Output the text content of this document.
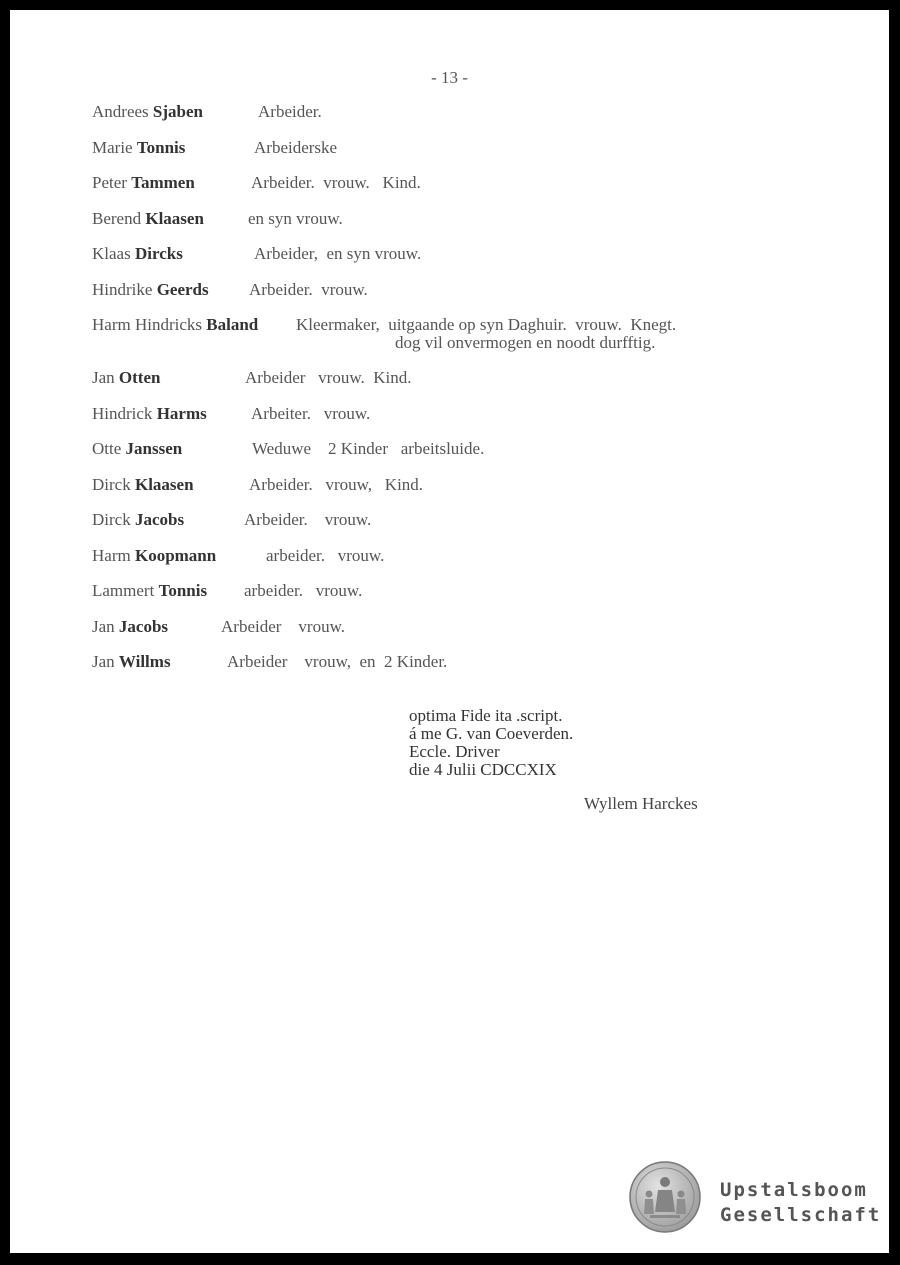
- 13 -
Andrees Sjaben	Arbeider.
Marie Tonnis	Arbeiderske
Peter Tammen	Arbeider.  vrouw.   Kind.
Berend Klaasen	en syn vrouw.
Klaas Dircks	Arbeider,  en syn vrouw.
Hindrike Geerds Arbeider.  vrouw.
Harm Hindricks Baland Kleermaker,  uitgaande op syn Daghuir.  vrouw.  Knegt.
dog vil onvermogen en noodt durfftig.
Jan Otten	Arbeider   vrouw.  Kind.
Hindrick Harms	Arbeiter.   vrouw.
Otte Janssen	Weduwe    2 Kinder   arbeitsluide.
Dirck Klaasen	Arbeider.   vrouw,   Kind.
Dirck Jacobs	Arbeider.    vrouw.
Harm Koopmann	arbeider.   vrouw.
Lammert Tonnis arbeider.   vrouw.
Jan Jacobs	Arbeider    vrouw.
Jan Willms	Arbeider    vrouw,  en  2 Kinder.
optima Fide ita .script.
á me G. van Coeverden.
Eccle. Driver
die 4 Julii CDCCXIX
Wyllem Harckes
Upstalsboom
Gesellschaft
